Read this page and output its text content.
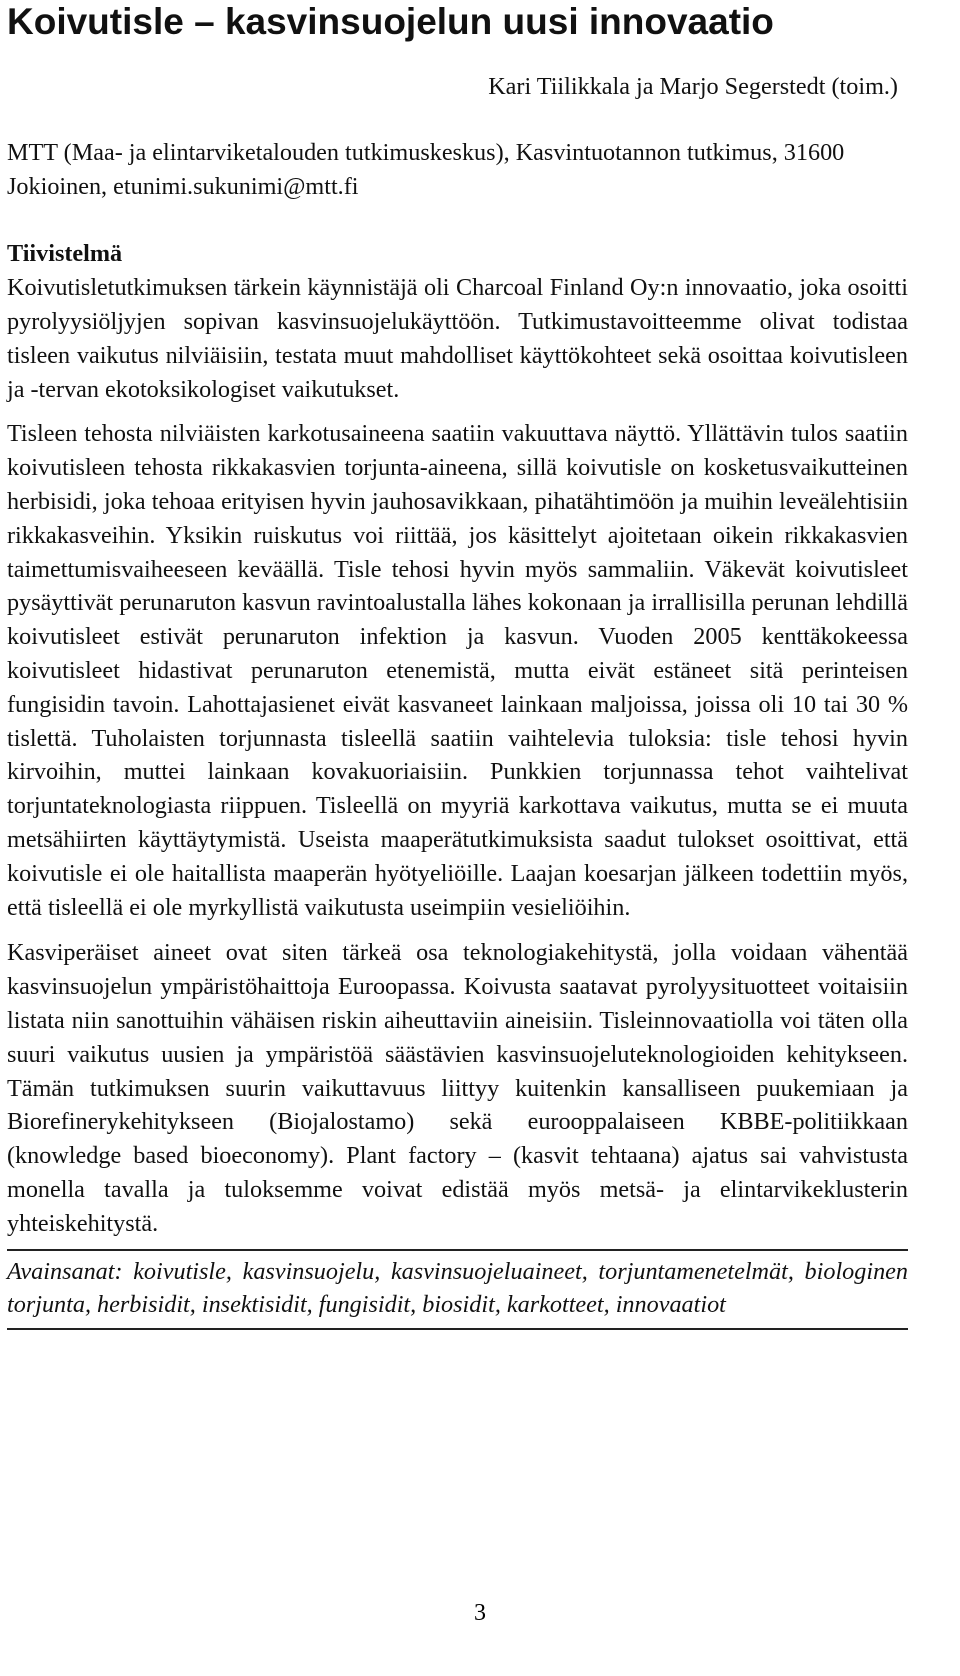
Koivutisle – kasvinsuojelun uusi innovaatio
Kari Tiilikkala ja Marjo Segerstedt (toim.)
MTT (Maa- ja elintarviketalouden tutkimuskeskus), Kasvintuotannon tutkimus, 31600 Jokioinen, etunimi.sukunimi@mtt.fi
Tiivistelmä

Koivutisletutkimuksen tärkein käynnistäjä oli Charcoal Finland Oy:n innovaatio, joka osoitti pyrolyysiöljyjen sopivan kasvinsuojelukäyttöön. Tutkimustavoitteemme olivat todistaa tisleen vaikutus nilviäisiin, testata muut mahdolliset käyttökohteet sekä osoittaa koivutisleen ja -tervan ekotoksikologiset vaikutukset.

Tisleen tehosta nilviäisten karkotusaineena saatiin vakuuttava näyttö. Yllättävin tulos saatiin koivutisleen tehosta rikkakasvien torjunta-aineena, sillä koivutisle on kosketusvaikutteinen herbisidi, joka tehoaa erityisen hyvin jauhosavikkaan, pihatähtimöön ja muihin leveälehtisiin rikkakasveihin. Yksikin ruiskutus voi riittää, jos käsittelyt ajoitetaan oikein rikkakasvien taimettumisvaiheeseen keväällä. Tisle tehosi hyvin myös sammaliin. Väkevät koivutisleet pysäyttivät perunaruton kasvun ravintoalustalla lähes kokonaan ja irrallisilla perunan lehdillä koivutisleet estivät perunaruton infektion ja kasvun. Vuoden 2005 kenttäkokeessa koivutisleet hidastivat perunaruton etenemistä, mutta eivät estäneet sitä perinteisen fungisidin tavoin. Lahottajasienet eivät kasvaneet lainkaan maljoissa, joissa oli 10 tai 30 % tislettä. Tuholaisten torjunnasta tisleellä saatiin vaihtelevia tuloksia: tisle tehosi hyvin kirvoihin, muttei lainkaan kovakuoriaisiin. Punkkien torjunnassa tehot vaihtelivat torjuntateknologiasta riippuen. Tisleellä on myyriä karkottava vaikutus, mutta se ei muuta metsähiirten käyttäytymistä. Useista maaperätutkimuksista saadut tulokset osoittivat, että koivutisle ei ole haitallista maaperän hyötyeliöille. Laajan koesarjan jälkeen todettiin myös, että tisleellä ei ole myrkyllistä vaikutusta useimpiin vesieliöihin.

Kasviperäiset aineet ovat siten tärkeä osa teknologiakehitystä, jolla voidaan vähentää kasvinsuojelun ympäristöhaittoja Euroopassa. Koivusta saatavat pyrolyysituotteet voitaisiin listata niin sanottuihin vähäisen riskin aiheuttaviin aineisiin. Tisleinnovaatiolla voi täten olla suuri vaikutus uusien ja ympäristöä säästävien kasvinsuojeluteknologioiden kehitykseen. Tämän tutkimuksen suurin vaikuttavuus liittyy kuitenkin kansalliseen puukemiaan ja Biorefinerykehitykseen (Biojalostamo) sekä eurooppalaiseen KBBE-politiikkaan (knowledge based bioeconomy). Plant factory – (kasvit tehtaana) ajatus sai vahvistusta monella tavalla ja tuloksemme voivat edistää myös metsä- ja elintarvikeklusterin yhteiskehitystä.

Avainsanat: koivutisle, kasvinsuojelu, kasvinsuojeluaineet, torjuntamenetelmät, biologinen torjunta, herbisidit, insektisidit, fungisidit, biosidit, karkotteet, innovaatiot
3
